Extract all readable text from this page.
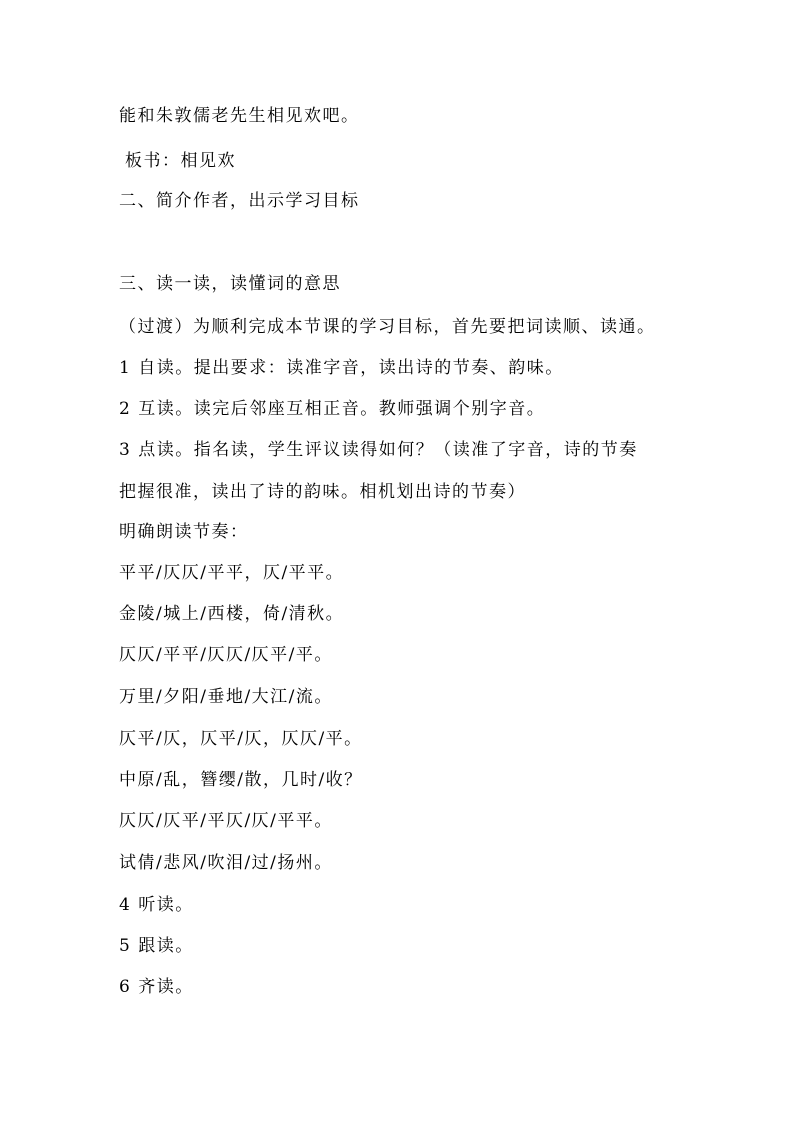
能和朱敦儒老先生相见欢吧。
板书：相见欢
二、简介作者，出示学习目标
三、读一读，读懂词的意思
（过渡）为顺利完成本节课的学习目标，首先要把词读顺、读通。
1 自读。提出要求：读准字音，读出诗的节奏、韵味。
2 互读。读完后邻座互相正音。教师强调个别字音。
3 点读。指名读，学生评议读得如何？（读准了字音，诗的节奏
把握很准，读出了诗的韵味。相机划出诗的节奏）
明确朗读节奏：
平平/仄仄/平平，仄/平平。
金陵/城上/西楼，倚/清秋。
仄仄/平平/仄仄/仄平/平。
万里/夕阳/垂地/大江/流。
仄平/仄，仄平/仄，仄仄/平。
中原/乱，簪缨/散，几时/收？
仄仄/仄平/平仄/仄/平平。
试倩/悲风/吹泪/过/扬州。
4 听读。
5 跟读。
6 齐读。
